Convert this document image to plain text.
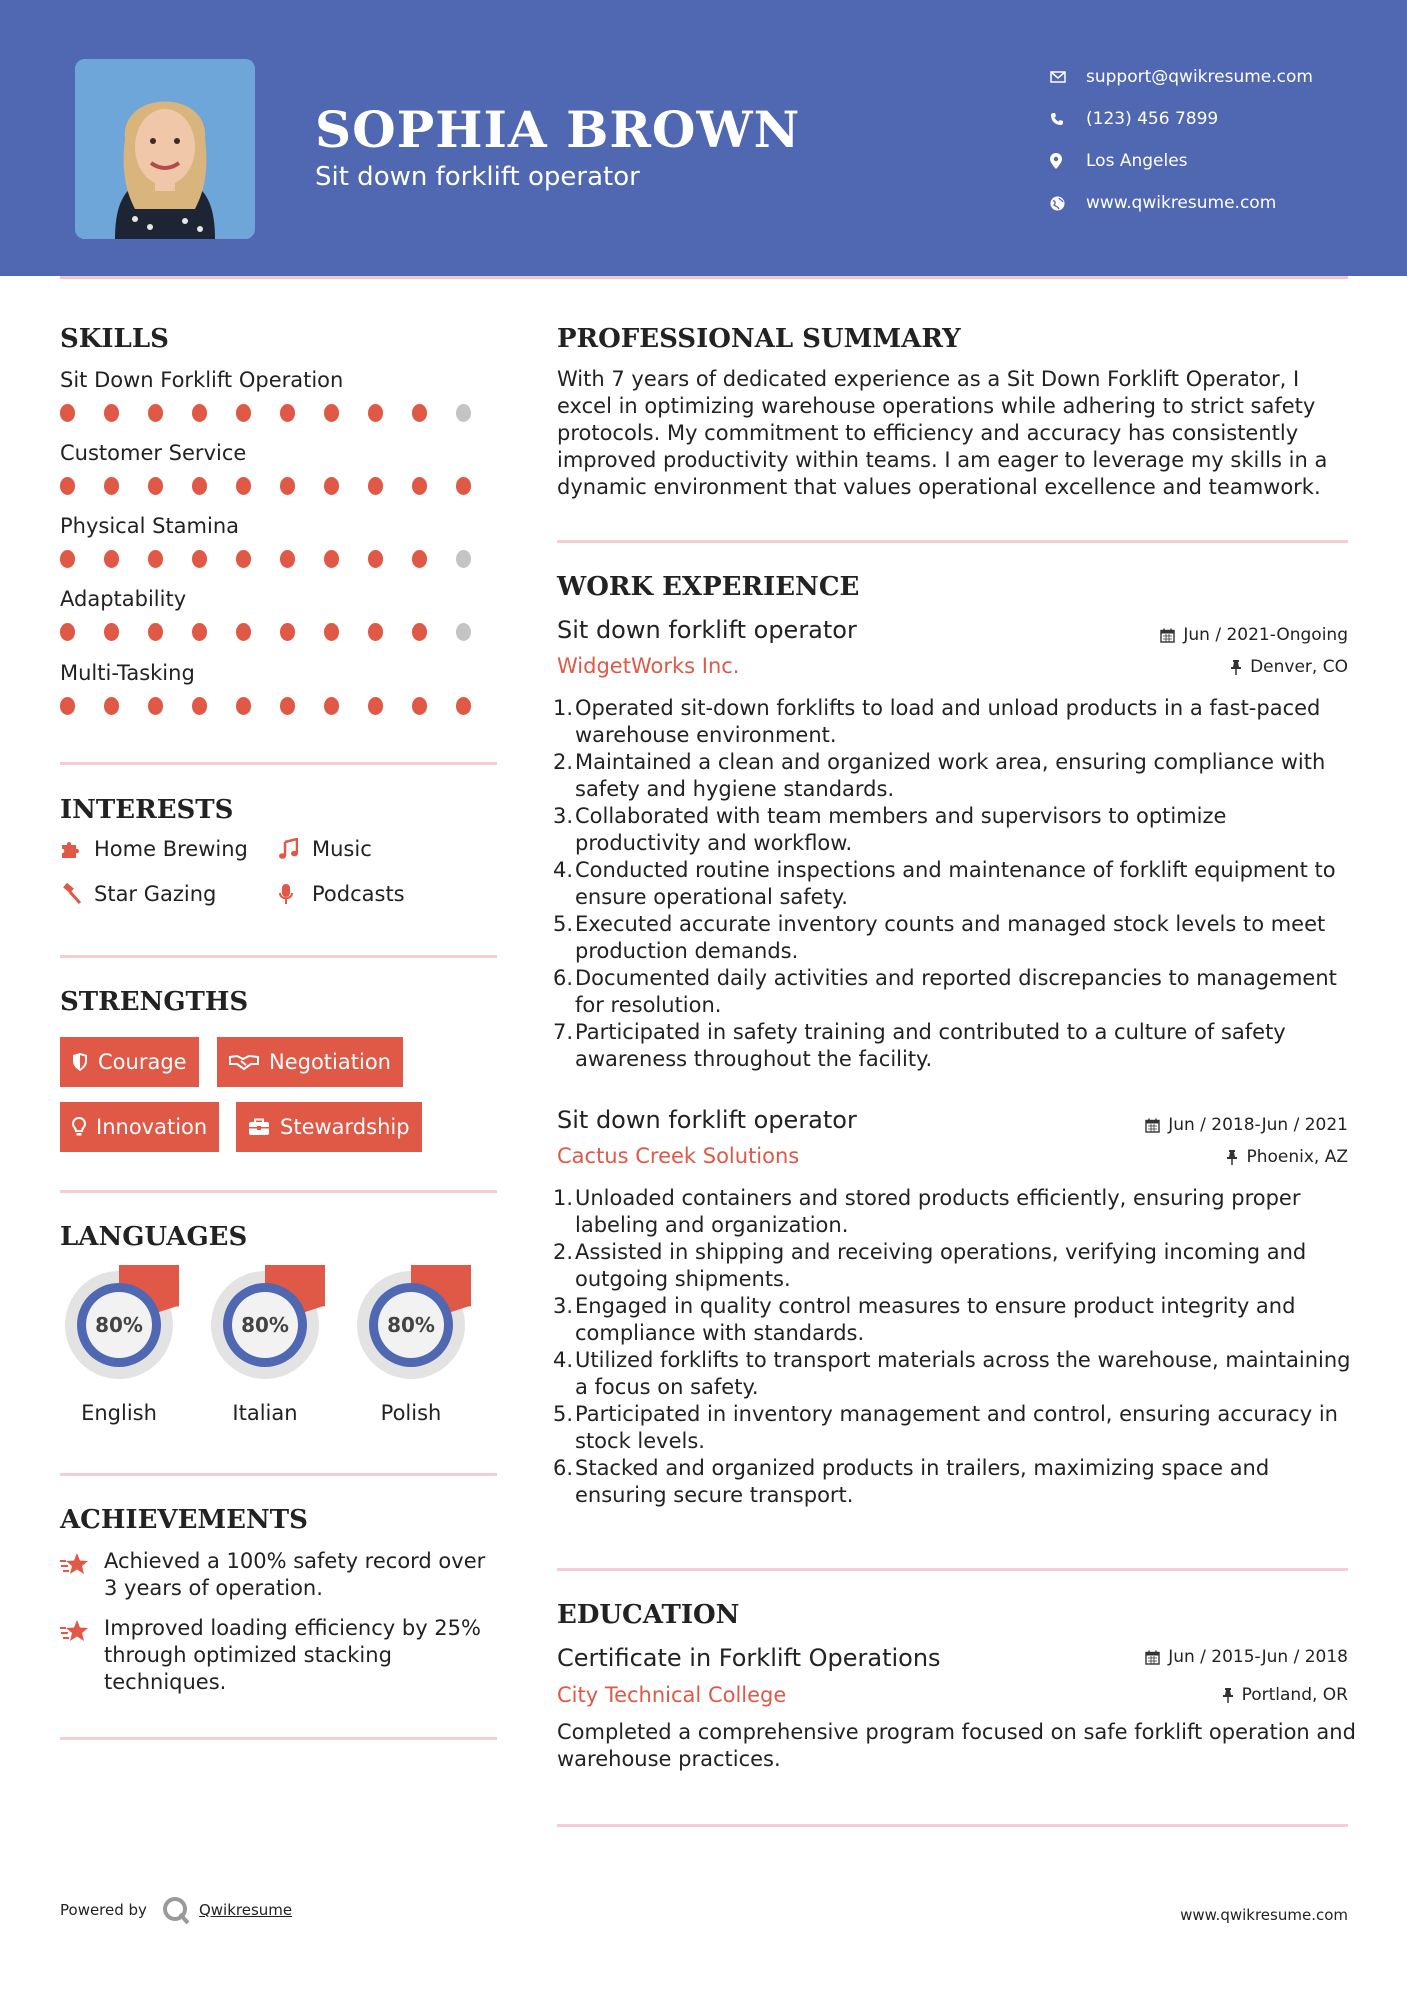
SOPHIA BROWN
Sit down forklift operator
support@qwikresume.com
(123) 456 7899
Los Angeles
www.qwikresume.com
SKILLS
Sit Down Forklift Operation
Customer Service
Physical Stamina
Adaptability
Multi-Tasking
INTERESTS
Home Brewing	Music
Star Gazing	Podcasts
STRENGTHS
Courage	Negotiation
Innovation	Stewardship
LANGUAGES
80%
English
80%
Italian
80%
Polish
ACHIEVEMENTS
Achieved a 100% safety record over 3 years of operation.
Improved loading efficiency by 25% through optimized stacking techniques.
PROFESSIONAL SUMMARY
With 7 years of dedicated experience as a Sit Down Forklift Operator, I excel in optimizing warehouse operations while adhering to strict safety protocols. My commitment to efficiency and accuracy has consistently improved productivity within teams. I am eager to leverage my skills in a dynamic environment that values operational excellence and teamwork.
WORK EXPERIENCE
Sit down forklift operator	Jun / 2021-Ongoing
WidgetWorks Inc.	Denver, CO
1. Operated sit-down forklifts to load and unload products in a fast-paced warehouse environment.
2. Maintained a clean and organized work area, ensuring compliance with safety and hygiene standards.
3. Collaborated with team members and supervisors to optimize productivity and workflow.
4. Conducted routine inspections and maintenance of forklift equipment to ensure operational safety.
5. Executed accurate inventory counts and managed stock levels to meet production demands.
6. Documented daily activities and reported discrepancies to management for resolution.
7. Participated in safety training and contributed to a culture of safety awareness throughout the facility.
Sit down forklift operator	Jun / 2018-Jun / 2021
Cactus Creek Solutions	Phoenix, AZ
1. Unloaded containers and stored products efficiently, ensuring proper labeling and organization.
2. Assisted in shipping and receiving operations, verifying incoming and outgoing shipments.
3. Engaged in quality control measures to ensure product integrity and compliance with standards.
4. Utilized forklifts to transport materials across the warehouse, maintaining a focus on safety.
5. Participated in inventory management and control, ensuring accuracy in stock levels.
6. Stacked and organized products in trailers, maximizing space and ensuring secure transport.
EDUCATION
Certificate in Forklift Operations	Jun / 2015-Jun / 2018
City Technical College	Portland, OR
Completed a comprehensive program focused on safe forklift operation and warehouse practices.
Powered by	Qwikresume	www.qwikresume.com
